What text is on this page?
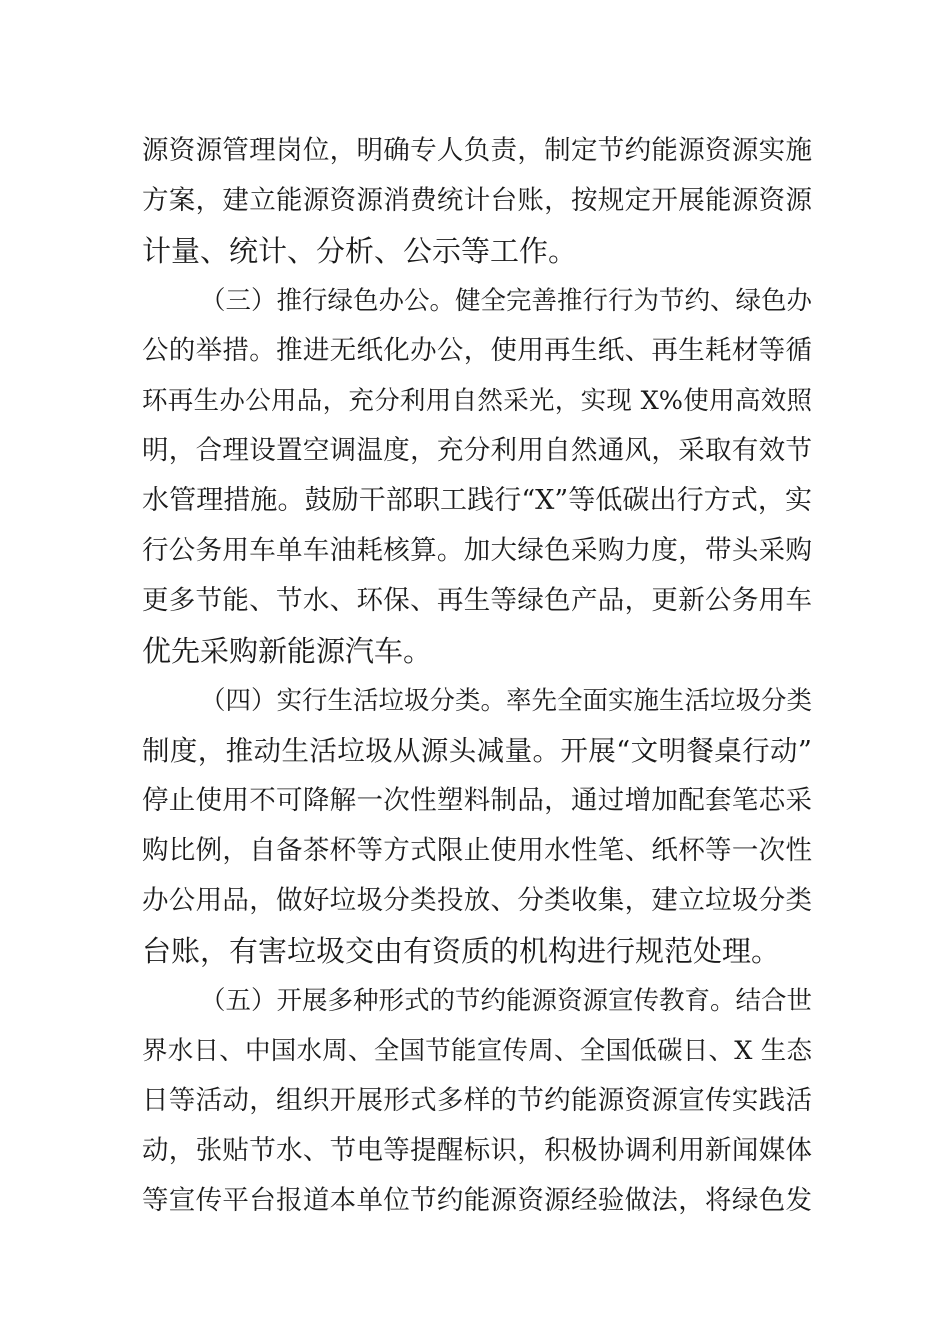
源资源管理岗位，明确专人负责，制定节约能源资源实施
方案，建立能源资源消费统计台账，按规定开展能源资源
计量、统计、分析、公示等工作。
（三）推行绿色办公。健全完善推行行为节约、绿色办
公的举措。推进无纸化办公，使用再生纸、再生耗材等循
环再生办公用品，充分利用自然采光，实现 X%使用高效照
明，合理设置空调温度，充分利用自然通风，采取有效节
水管理措施。鼓励干部职工践行“X”等低碳出行方式，实
行公务用车单车油耗核算。加大绿色采购力度，带头采购
更多节能、节水、环保、再生等绿色产品，更新公务用车
优先采购新能源汽车。
（四）实行生活垃圾分类。率先全面实施生活垃圾分类
制度，推动生活垃圾从源头减量。开展“文明餐桌行动”
停止使用不可降解一次性塑料制品，通过增加配套笔芯采
购比例，自备茶杯等方式限止使用水性笔、纸杯等一次性
办公用品，做好垃圾分类投放、分类收集，建立垃圾分类
台账，有害垃圾交由有资质的机构进行规范处理。
（五）开展多种形式的节约能源资源宣传教育。结合世
界水日、中国水周、全国节能宣传周、全国低碳日、X 生态
日等活动，组织开展形式多样的节约能源资源宣传实践活
动，张贴节水、节电等提醒标识，积极协调利用新闻媒体
等宣传平台报道本单位节约能源资源经验做法，将绿色发
